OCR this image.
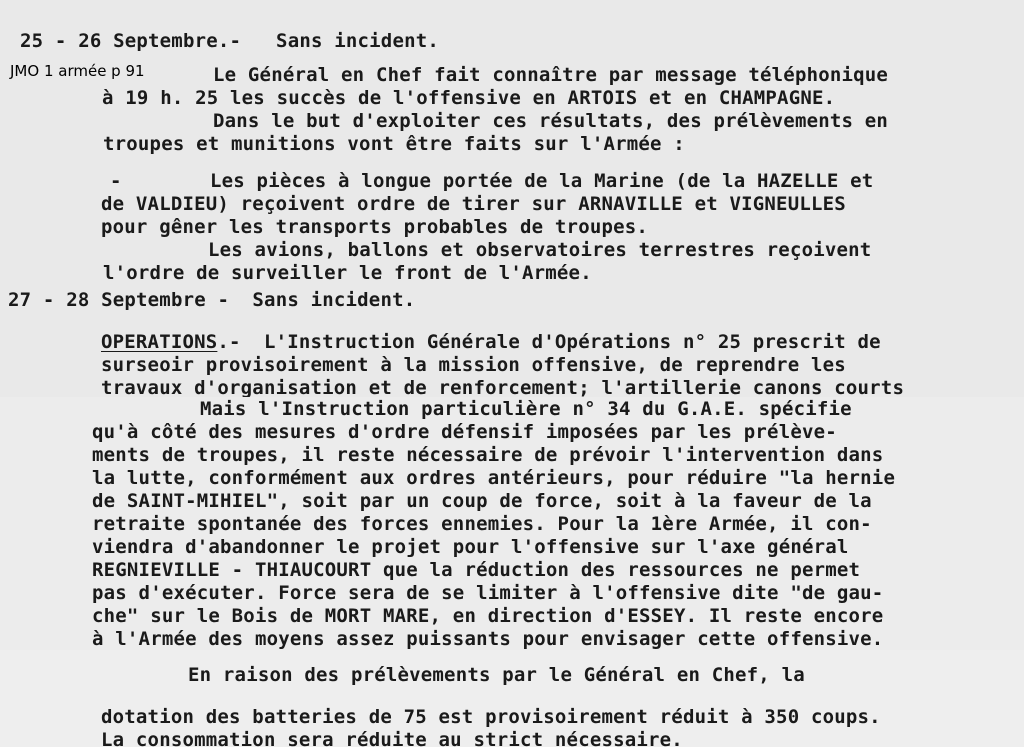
25 - 26 Septembre.-   Sans incident.
JMO 1 armée p 91	Le Général en Chef fait connaître par message téléphonique
à 19 h. 25 les succès de l'offensive en ARTOIS et en CHAMPAGNE.
Dans le but d'exploiter ces résultats, des prélèvements en
troupes et munitions vont être faits sur l'Armée :
-	Les pièces à longue portée de la Marine (de la HAZELLE et
de VALDIEU) reçoivent ordre de tirer sur ARNAVILLE et VIGNEULLES
pour gêner les transports probables de troupes.
Les avions, ballons et observatoires terrestres reçoivent
l'ordre de surveiller le front de l'Armée.
27 - 28 Septembre -  Sans incident.
OPERATIONS.-  L'Instruction Générale d'Opérations n° 25 prescrit de
surseoir provisoirement à la mission offensive, de reprendre les
travaux d'organisation et de renforcement; l'artillerie canons courts
Mais l'Instruction particulière n° 34 du G.A.E. spécifie
qu'à côté des mesures d'ordre défensif imposées par les prélève-
ments de troupes, il reste nécessaire de prévoir l'intervention dans
la lutte, conformément aux ordres antérieurs, pour réduire "la hernie
de SAINT-MIHIEL", soit par un coup de force, soit à la faveur de la
retraite spontanée des forces ennemies. Pour la 1ère Armée, il con-
viendra d'abandonner le projet pour l'offensive sur l'axe général
REGNIEVILLE - THIAUCOURT que la réduction des ressources ne permet
pas d'exécuter. Force sera de se limiter à l'offensive dite "de gau-
che" sur le Bois de MORT MARE, en direction d'ESSEY. Il reste encore
à l'Armée des moyens assez puissants pour envisager cette offensive.
En raison des prélèvements par le Général en Chef, la
dotation des batteries de 75 est provisoirement réduit à 350 coups.
La consommation sera réduite au strict nécessaire.
